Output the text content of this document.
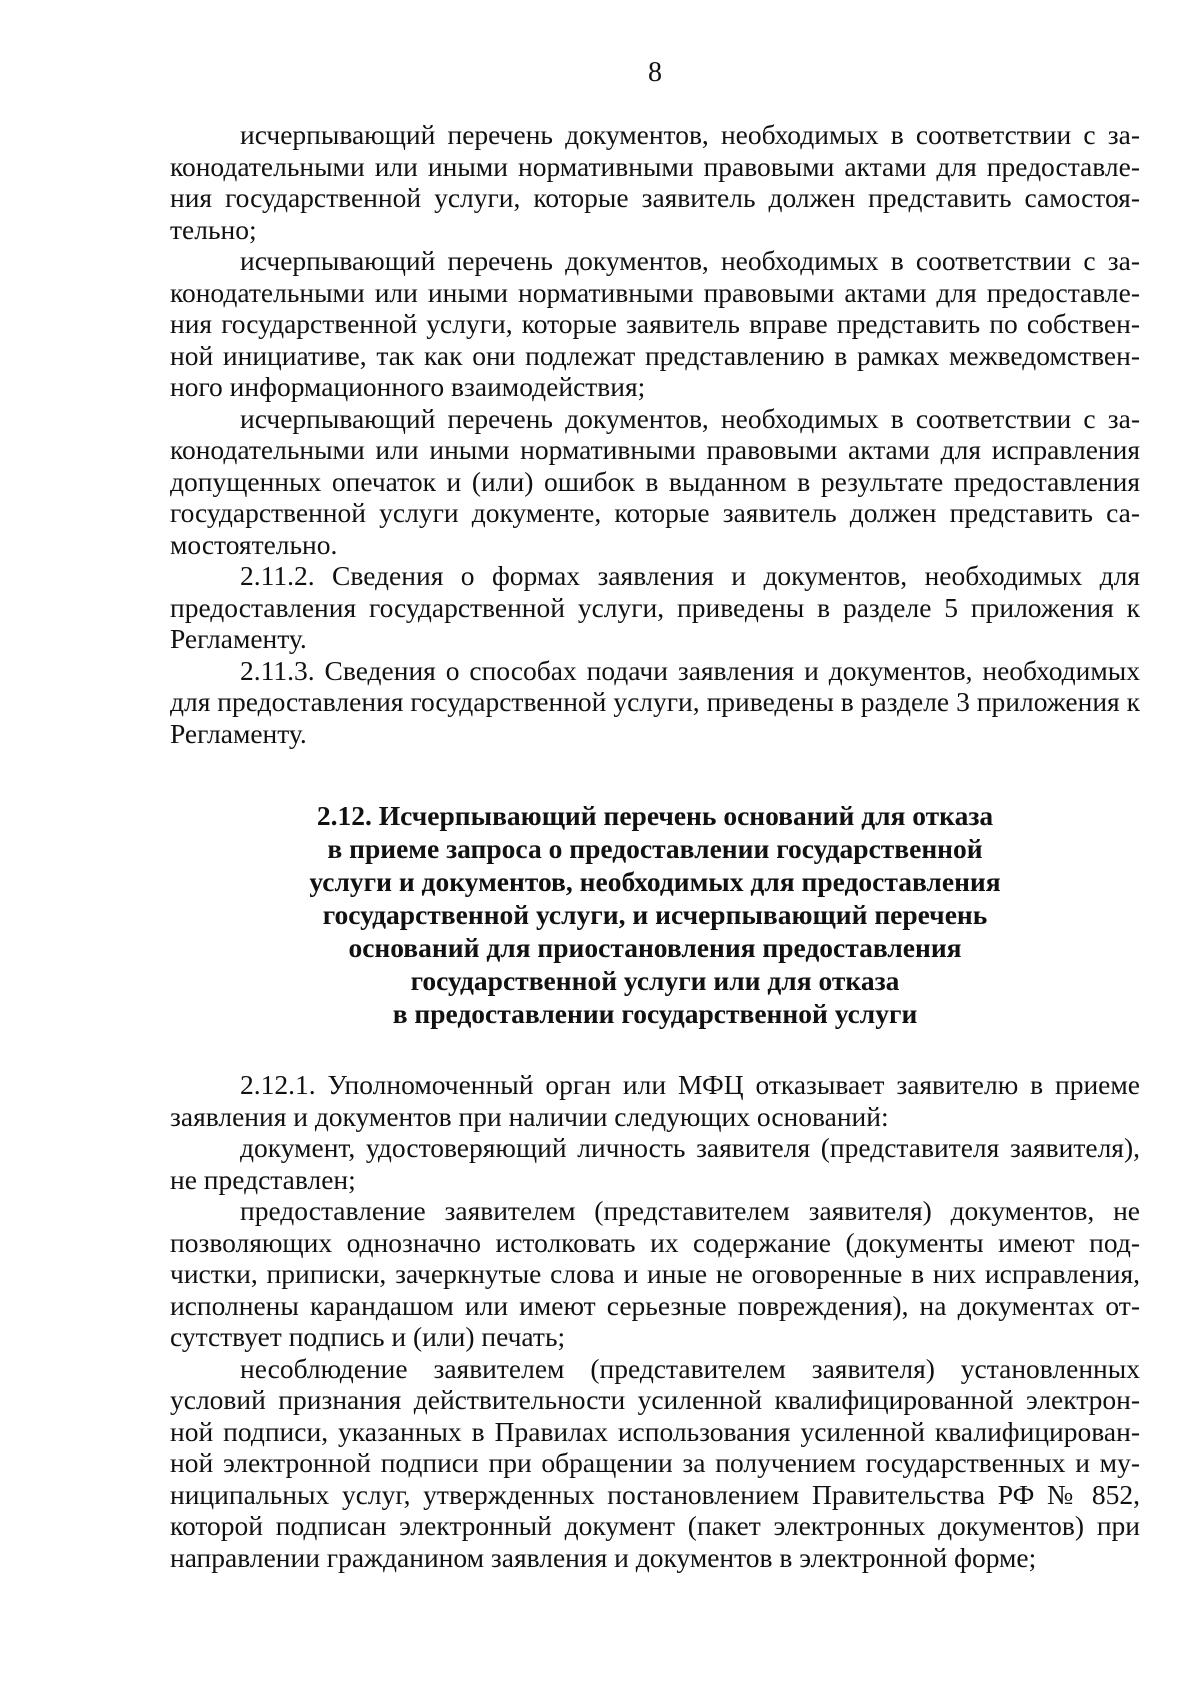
8

исчерпывающий перечень документов, необходимых в соответствии с законодательными или иными нормативными правовыми актами для предоставления государственной услуги, которые заявитель должен представить самостоятельно;

исчерпывающий перечень документов, необходимых в соответствии с законодательными или иными нормативными правовыми актами для предоставления государственной услуги, которые заявитель вправе представить по собственной инициативе, так как они подлежат представлению в рамках межведомственного информационного взаимодействия;

исчерпывающий перечень документов, необходимых в соответствии с законодательными или иными нормативными правовыми актами для исправления допущенных опечаток и (или) ошибок в выданном в результате предоставления государственной услуги документе, которые заявитель должен представить самостоятельно.

2.11.2. Сведения о формах заявления и документов, необходимых для предоставления государственной услуги, приведены в разделе 5 приложения к Регламенту.

2.11.3. Сведения о способах подачи заявления и документов, необходимых для предоставления государственной услуги, приведены в разделе 3 приложения к Регламенту.

2.12. Исчерпывающий перечень оснований для отказа
в приеме запроса о предоставлении государственной
услуги и документов, необходимых для предоставления
государственной услуги, и исчерпывающий перечень
оснований для приостановления предоставления
государственной услуги или для отказа
в предоставлении государственной услуги

2.12.1. Уполномоченный орган или МФЦ отказывает заявителю в приеме заявления и документов при наличии следующих оснований:

документ, удостоверяющий личность заявителя (представителя заявителя), не представлен;

предоставление заявителем (представителем заявителя) документов, не позволяющих однозначно истолковать их содержание (документы имеют подчистки, приписки, зачеркнутые слова и иные не оговоренные в них исправления, исполнены карандашом или имеют серьезные повреждения), на документах отсутствует подпись и (или) печать;

несоблюдение заявителем (представителем заявителя) установленных условий признания действительности усиленной квалифицированной электронной подписи, указанных в Правилах использования усиленной квалифицированной электронной подписи при обращении за получением государственных и муниципальных услуг, утвержденных постановлением Правительства РФ № 852, которой подписан электронный документ (пакет электронных документов) при направлении гражданином заявления и документов в электронной форме;
